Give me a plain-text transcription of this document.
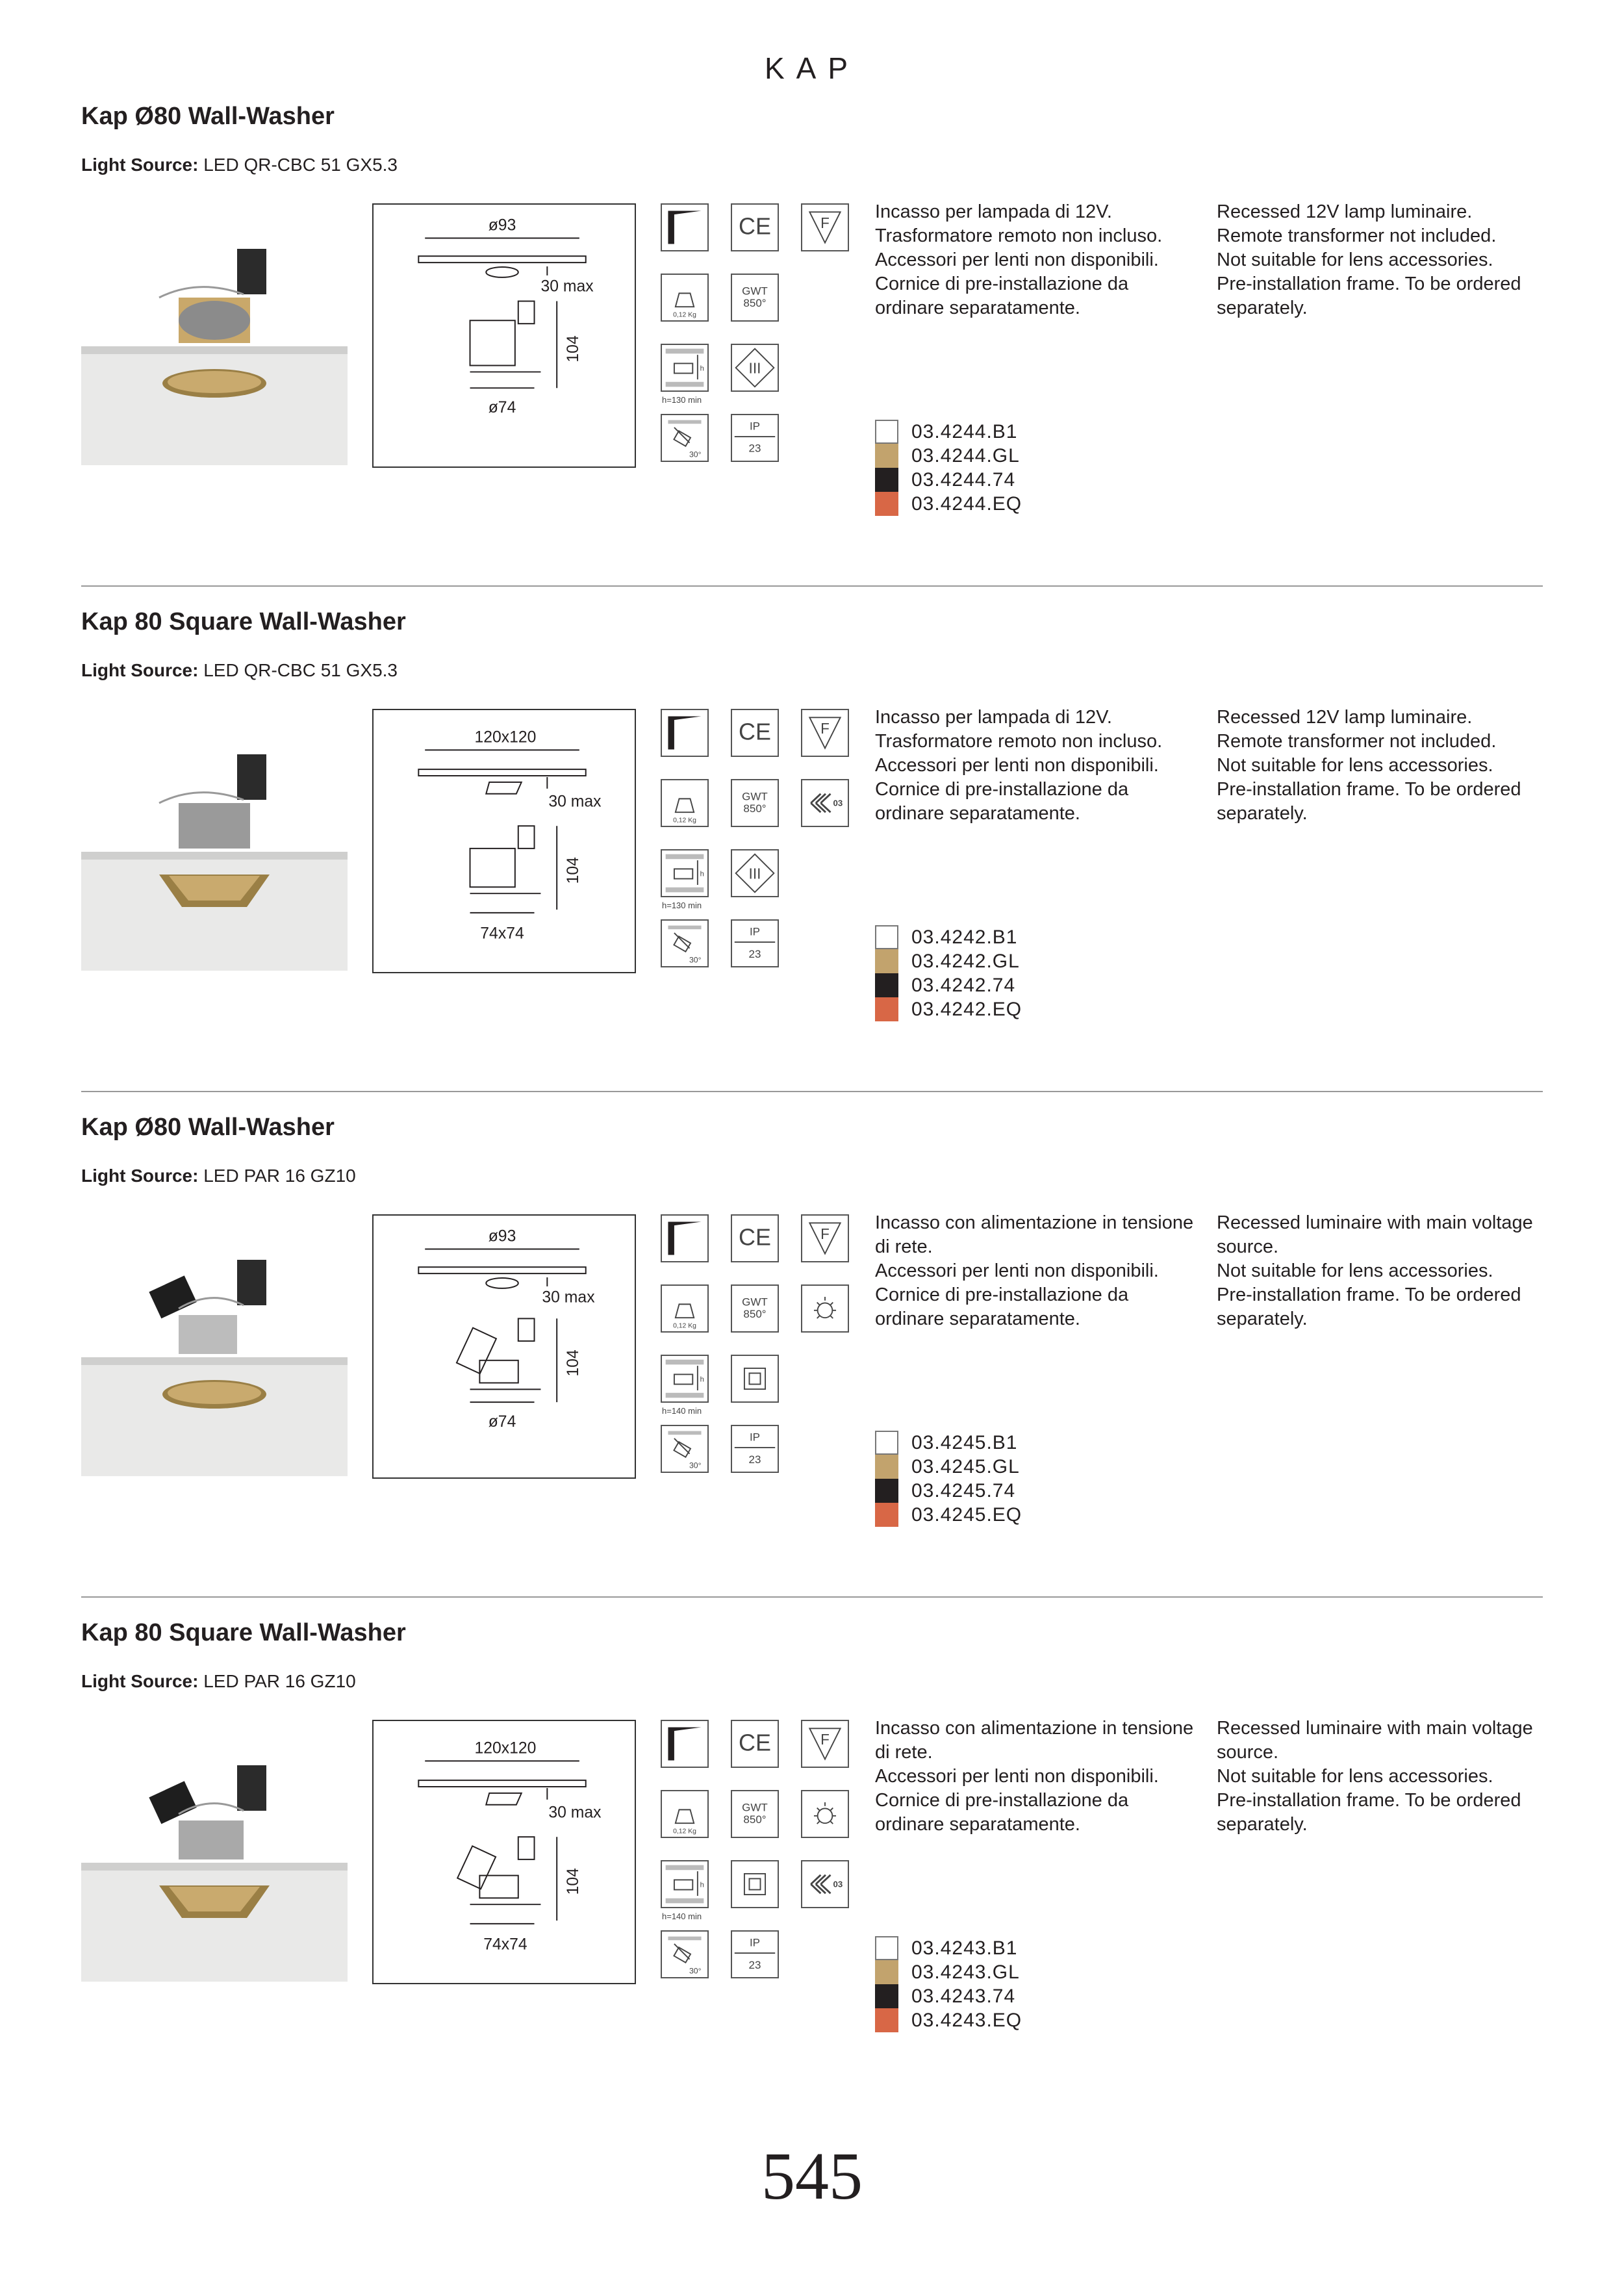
KAP
Kap Ø80 Wall-Washer
Light Source: LED QR-CBC 51 GX5.3
ø93
30 max
104
ø74
CE	F
0,12 Kg
GWT
850°
h
h=130 min
III
30°
IP
23
Incasso per lampada di 12V.
Trasformatore remoto non incluso.
Accessori per lenti non disponibili.
Cornice di pre-installazione da ordinare separatamente.
Recessed 12V lamp luminaire.
Remote transformer not included.
Not suitable for lens accessories.
Pre-installation frame. To be ordered separately.
03.4244.B1
03.4244.GL
03.4244.74
03.4244.EQ
Kap 80 Square Wall-Washer
Light Source: LED QR-CBC 51 GX5.3
120x120
30 max
104
74x74
CE	F
0,12 Kg
GWT
850°	03
h
h=130 min
III
30°
IP
23
Incasso per lampada di 12V.
Trasformatore remoto non incluso.
Accessori per lenti non disponibili.
Cornice di pre-installazione da ordinare separatamente.
Recessed 12V lamp luminaire.
Remote transformer not included.
Not suitable for lens accessories.
Pre-installation frame. To be ordered separately.
03.4242.B1
03.4242.GL
03.4242.74
03.4242.EQ
Kap Ø80 Wall-Washer
Light Source: LED PAR 16 GZ10
ø93
30 max
104
ø74
CE	F
0,12 Kg
GWT
850°
h
h=140 min
30°
IP
23
Incasso con alimentazione in tensione di rete.
Accessori per lenti non disponibili.
Cornice di pre-installazione da ordinare separatamente.
Recessed luminaire with main voltage source.
Not suitable for lens accessories.
Pre-installation frame. To be ordered separately.
03.4245.B1
03.4245.GL
03.4245.74
03.4245.EQ
Kap 80 Square Wall-Washer
Light Source: LED PAR 16 GZ10
120x120
30 max
104
74x74
CE	F
0,12 Kg
GWT
850°
h
h=140 min
03
30°
IP
23
Incasso con alimentazione in tensione di rete.
Accessori per lenti non disponibili.
Cornice di pre-installazione da ordinare separatamente.
Recessed luminaire with main voltage source.
Not suitable for lens accessories.
Pre-installation frame. To be ordered separately.
03.4243.B1
03.4243.GL
03.4243.74
03.4243.EQ
545
